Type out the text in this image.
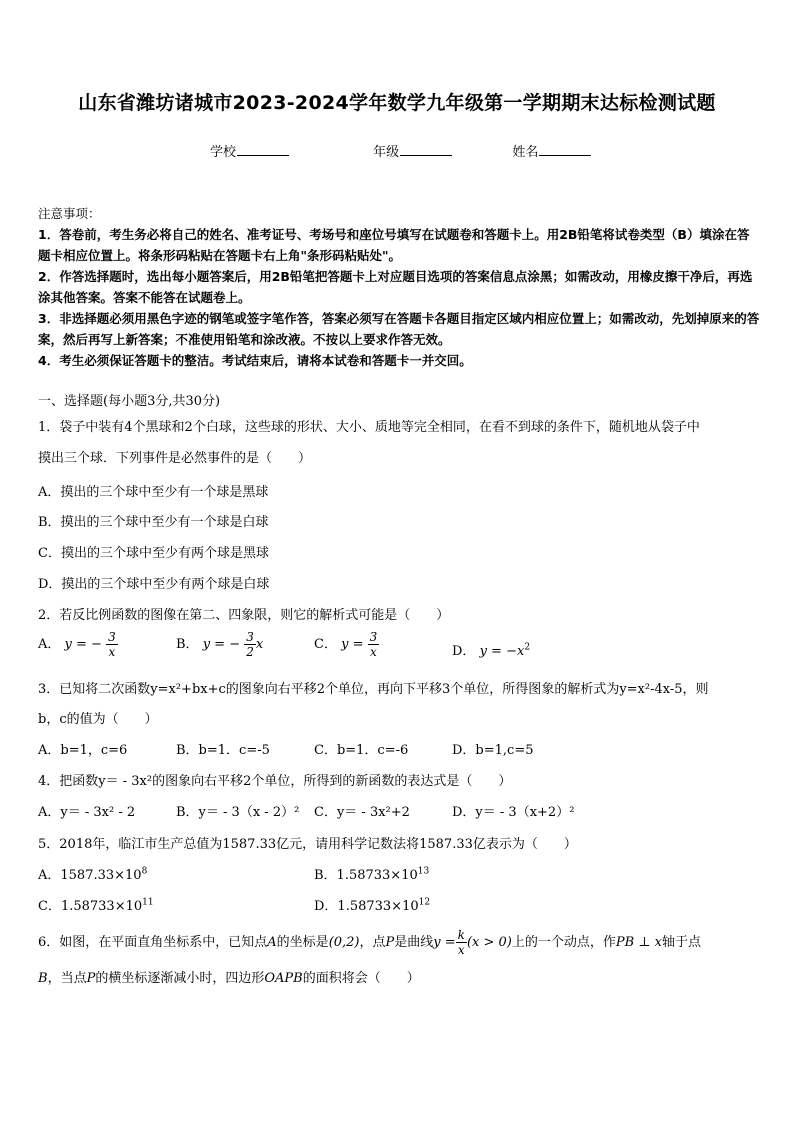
山东省潍坊诸城市2023-2024学年数学九年级第一学期期末达标检测试题
学校	年级	姓名
注意事项：
1．答卷前，考生务必将自己的姓名、准考证号、考场号和座位号填写在试题卷和答题卡上。用2B铅笔将试卷类型（B）填涂在答题卡相应位置上。将条形码粘贴在答题卡右上角"条形码粘贴处"。
2．作答选择题时，选出每小题答案后，用2B铅笔把答题卡上对应题目选项的答案信息点涂黑；如需改动，用橡皮擦干净后，再选涂其他答案。答案不能答在试题卷上。
3．非选择题必须用黑色字迹的钢笔或签字笔作答，答案必须写在答题卡各题目指定区域内相应位置上；如需改动，先划掉原来的答案，然后再写上新答案；不准使用铅笔和涂改液。不按以上要求作答无效。
4．考生必须保证答题卡的整洁。考试结束后，请将本试卷和答题卡一并交回。
一、选择题(每小题3分,共30分)
1．袋子中装有4个黑球和2个白球，这些球的形状、大小、质地等完全相同，在看不到球的条件下，随机地从袋子中
摸出三个球．下列事件是必然事件的是（　　）
A．摸出的三个球中至少有一个球是黑球
B．摸出的三个球中至少有一个球是白球
C．摸出的三个球中至少有两个球是黑球
D．摸出的三个球中至少有两个球是白球
2．若反比例函数的图像在第二、四象限，则它的解析式可能是（　　）
A． y = − $\frac{3}{x}$	B． y = − $\frac{3}{2}$ x	C． $y = \frac{3}{x}$	D． $y = -x^2$
3．已知将二次函数y=x²+bx+c的图象向右平移2个单位，再向下平移3个单位，所得图象的解析式为y=x²-4x-5，则
b，c的值为（　　）
A．b=1，c=6	B．b=1．c=-5	C．b=1．c=-6	D．b=1,c=5
4．把函数y＝ - 3x²的图象向右平移2个单位，所得到的新函数的表达式是（　　）
A．y＝ - 3x² - 2	B．y＝ - 3（x - 2）² C．y＝ - 3x²+2	D．y＝ - 3（x+2）²
5．2018年，临江市生产总值为1587.33亿元，请用科学记数法将1587.33亿表示为（　　）
A．$1587.33\times 10^8$	B．$1.58733\times 10^{13}$
C．$1.58733\times 10^{11}$	D．$1.58733\times 10^{12}$
6．如图，在平面直角坐标系中，已知点A的坐标是(0,2)，点P是曲线$y = \frac{k}{x} (x > 0)$上的一个动点，作PB ⊥ x轴于点
B，当点P的横坐标逐渐减小时，四边形OAPB的面积将会（　　）
